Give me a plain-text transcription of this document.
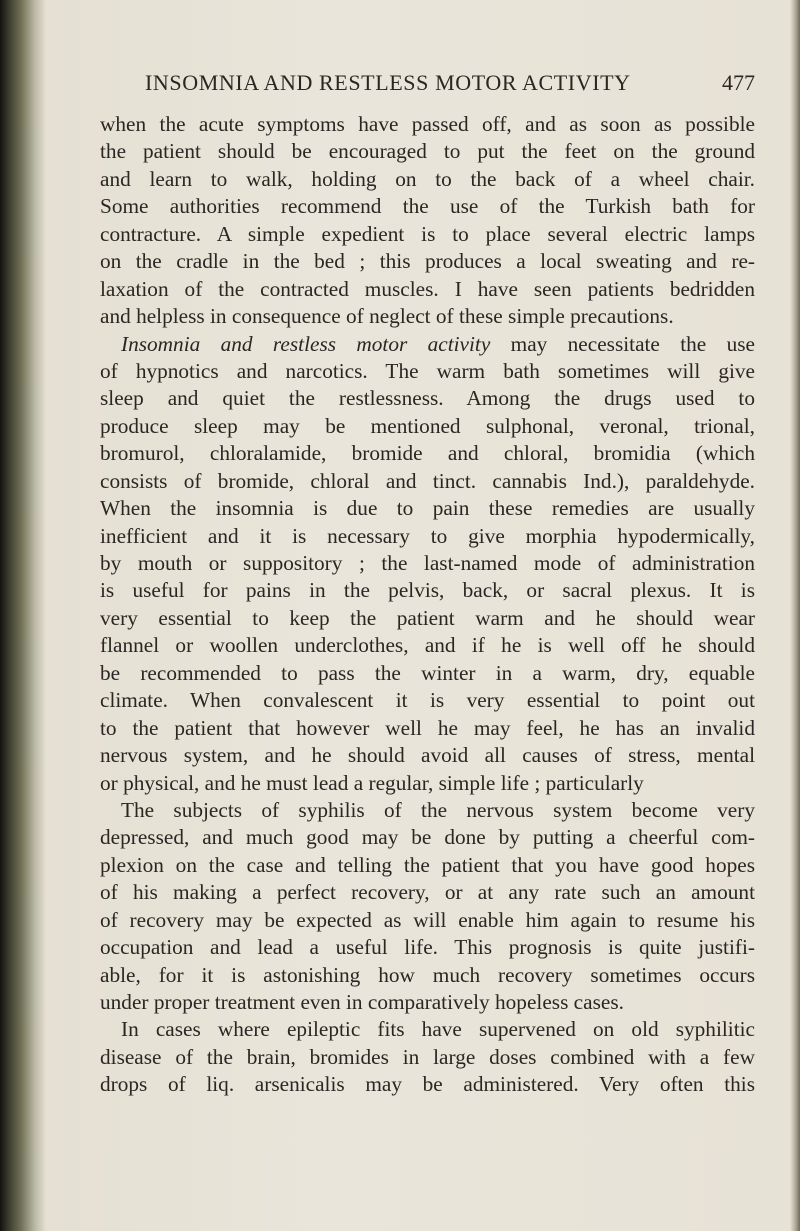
INSOMNIA AND RESTLESS MOTOR ACTIVITY	477
when the acute symptoms have passed off, and as soon as possible
the patient should be encouraged to put the feet on the ground
and learn to walk, holding on to the back of a wheel chair.
Some authorities recommend the use of the Turkish bath for
contracture. A simple expedient is to place several electric lamps
on the cradle in the bed ; this produces a local sweating and re-
laxation of the contracted muscles. I have seen patients bedridden
and helpless in consequence of neglect of these simple precautions.
Insomnia and restless motor activity may necessitate the use
of hypnotics and narcotics. The warm bath sometimes will give
sleep and quiet the restlessness. Among the drugs used to
produce sleep may be mentioned sulphonal, veronal, trional,
bromurol, chloralamide, bromide and chloral, bromidia (which
consists of bromide, chloral and tinct. cannabis Ind.), paraldehyde.
When the insomnia is due to pain these remedies are usually
inefficient and it is necessary to give morphia hypodermically,
by mouth or suppository ; the last-named mode of administration
is useful for pains in the pelvis, back, or sacral plexus. It is
very essential to keep the patient warm and he should wear
flannel or woollen underclothes, and if he is well off he should
be recommended to pass the winter in a warm, dry, equable
climate. When convalescent it is very essential to point out
to the patient that however well he may feel, he has an invalid
nervous system, and he should avoid all causes of stress, mental
or physical, and he must lead a regular, simple life ; particularly
The subjects of syphilis of the nervous system become very
depressed, and much good may be done by putting a cheerful com-
plexion on the case and telling the patient that you have good hopes
of his making a perfect recovery, or at any rate such an amount
of recovery may be expected as will enable him again to resume his
occupation and lead a useful life. This prognosis is quite justifi-
able, for it is astonishing how much recovery sometimes occurs
under proper treatment even in comparatively hopeless cases.
In cases where epileptic fits have supervened on old syphilitic
disease of the brain, bromides in large doses combined with a few
drops of liq. arsenicalis may be administered. Very often this
